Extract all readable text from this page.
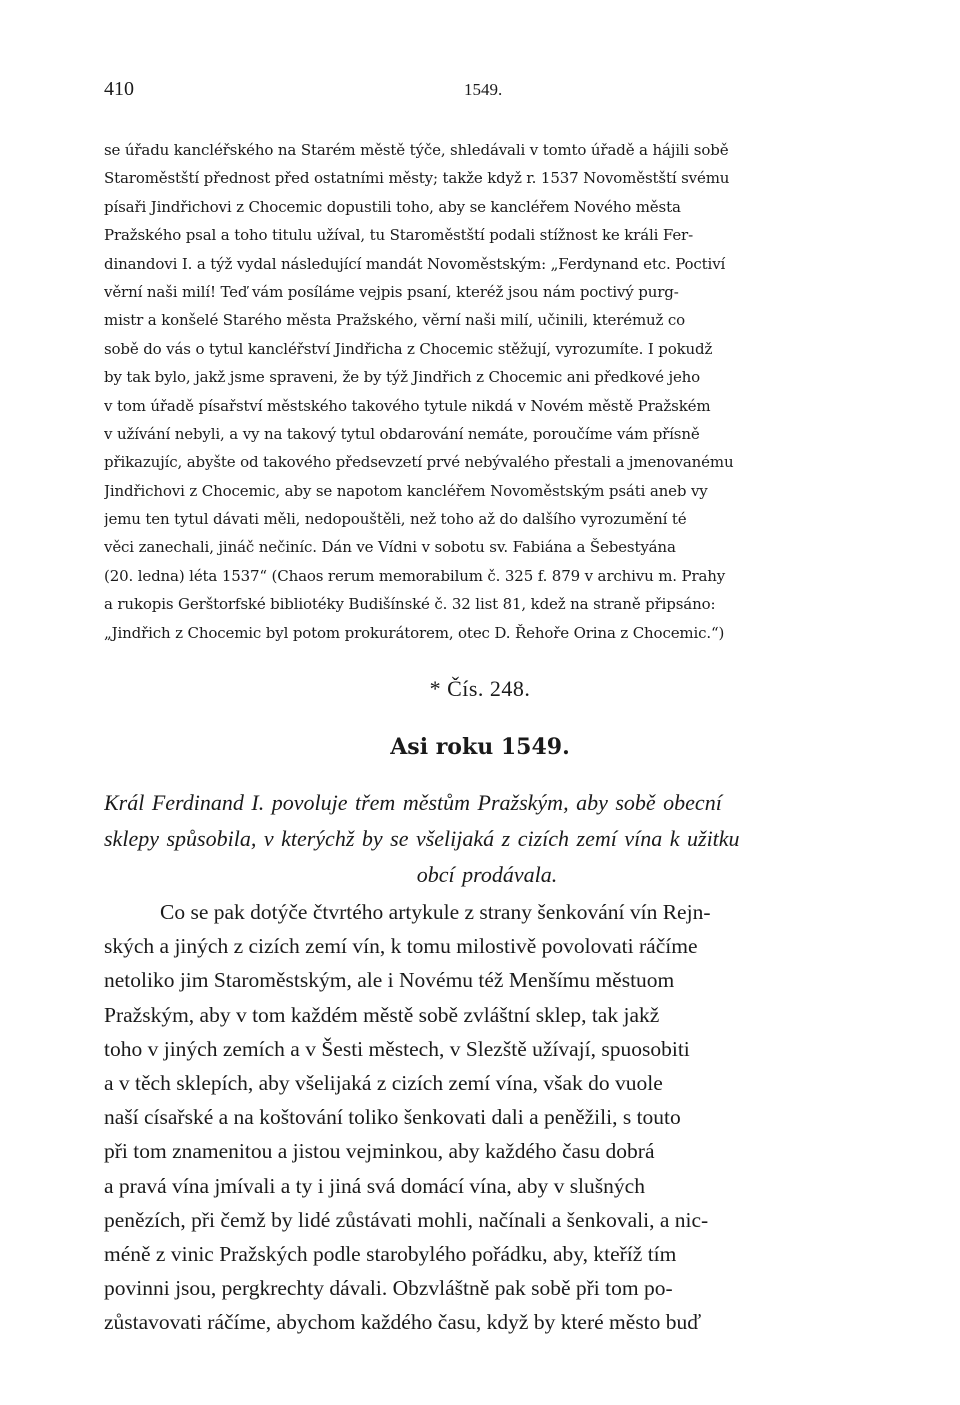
410	1549.
se úřadu kancléřského na Starém městě týče, shledávali v tomto úřadě a hájili sobě
Staroměstští přednost před ostatními městy; takže když r. 1537 Novoměstští svému
písaři Jindřichovi z Chocemic dopustili toho, aby se kancléřem Nového města
Pražského psal a toho titulu užíval, tu Staroměstští podali stížnost ke králi Fer-
dinandovi I. a týž vydal následující mandát Novoměstským: „Ferdynand etc. Poctiví
věrní naši milí! Teď vám posíláme vejpis psaní, kteréž jsou nám poctivý purg-
mistr a konšelé Starého města Pražského, věrní naši milí, učinili, kterémuž co
sobě do vás o tytul kancléřství Jindřicha z Chocemic stěžují, vyrozumíte. I pokudž
by tak bylo, jakž jsme spraveni, že by týž Jindřich z Chocemic ani předkové jeho
v tom úřadě písařství městského takového tytule nikdá v Novém městě Pražském
v užívání nebyli, a vy na takový tytul obdarování nemáte, poroučíme vám přísně
přikazujíc, abyšte od takového předsevzetí prvé nebývalého přestali a jmenovanému
Jindřichovi z Chocemic, aby se napotom kancléřem Novoměstským psáti aneb vy
jemu ten tytul dávati měli, nedopouštěli, než toho až do dalšího vyrozumění té
věci zanechali, jináč nečiníc. Dán ve Vídni v sobotu sv. Fabiána a Šebestyána
(20. ledna) léta 1537“ (Chaos rerum memorabilum č. 325 f. 879 v archivu m. Prahy
a rukopis Gerštorfské bibliotéky Budišínské č. 32 list 81, kdež na straně připsáno:
„Jindřich z Chocemic byl potom prokurátorem, otec D. Řehoře Orina z Chocemic.“)
* Čís. 248.
Asi roku 1549.
Král Ferdinand I. povoluje třem městům Pražským, aby sobě obecní
sklepy spůsobila, v kterýchž by se všelijaká z cizích zemí vína k užitku
obcí prodávala.
Co se pak dotýče čtvrtého artykule z strany šenkování vín Rejn-
ských a jiných z cizích zemí vín, k tomu milostivě povolovati ráčíme
netoliko jim Staroměstským, ale i Novému též Menšímu městuom
Pražským, aby v tom každém městě sobě zvláštní sklep, tak jakž
toho v jiných zemích a v Šesti městech, v Slezště užívají, spuosobiti
a v těch sklepích, aby všelijaká z cizích zemí vína, však do vuole
naší císařské a na koštování toliko šenkovati dali a peněžili, s touto
při tom znamenitou a jistou vejminkou, aby každého času dobrá
a pravá vína jmívali a ty i jiná svá domácí vína, aby v slušných
penězích, při čemž by lidé zůstávati mohli, načínali a šenkovali, a nic-
méně z vinic Pražských podle starobylého pořádku, aby, kteříž tím
povinni jsou, pergkrechty dávali. Obzvláštně pak sobě při tom po-
zůstavovati ráčíme, abychom každého času, když by které město buď
